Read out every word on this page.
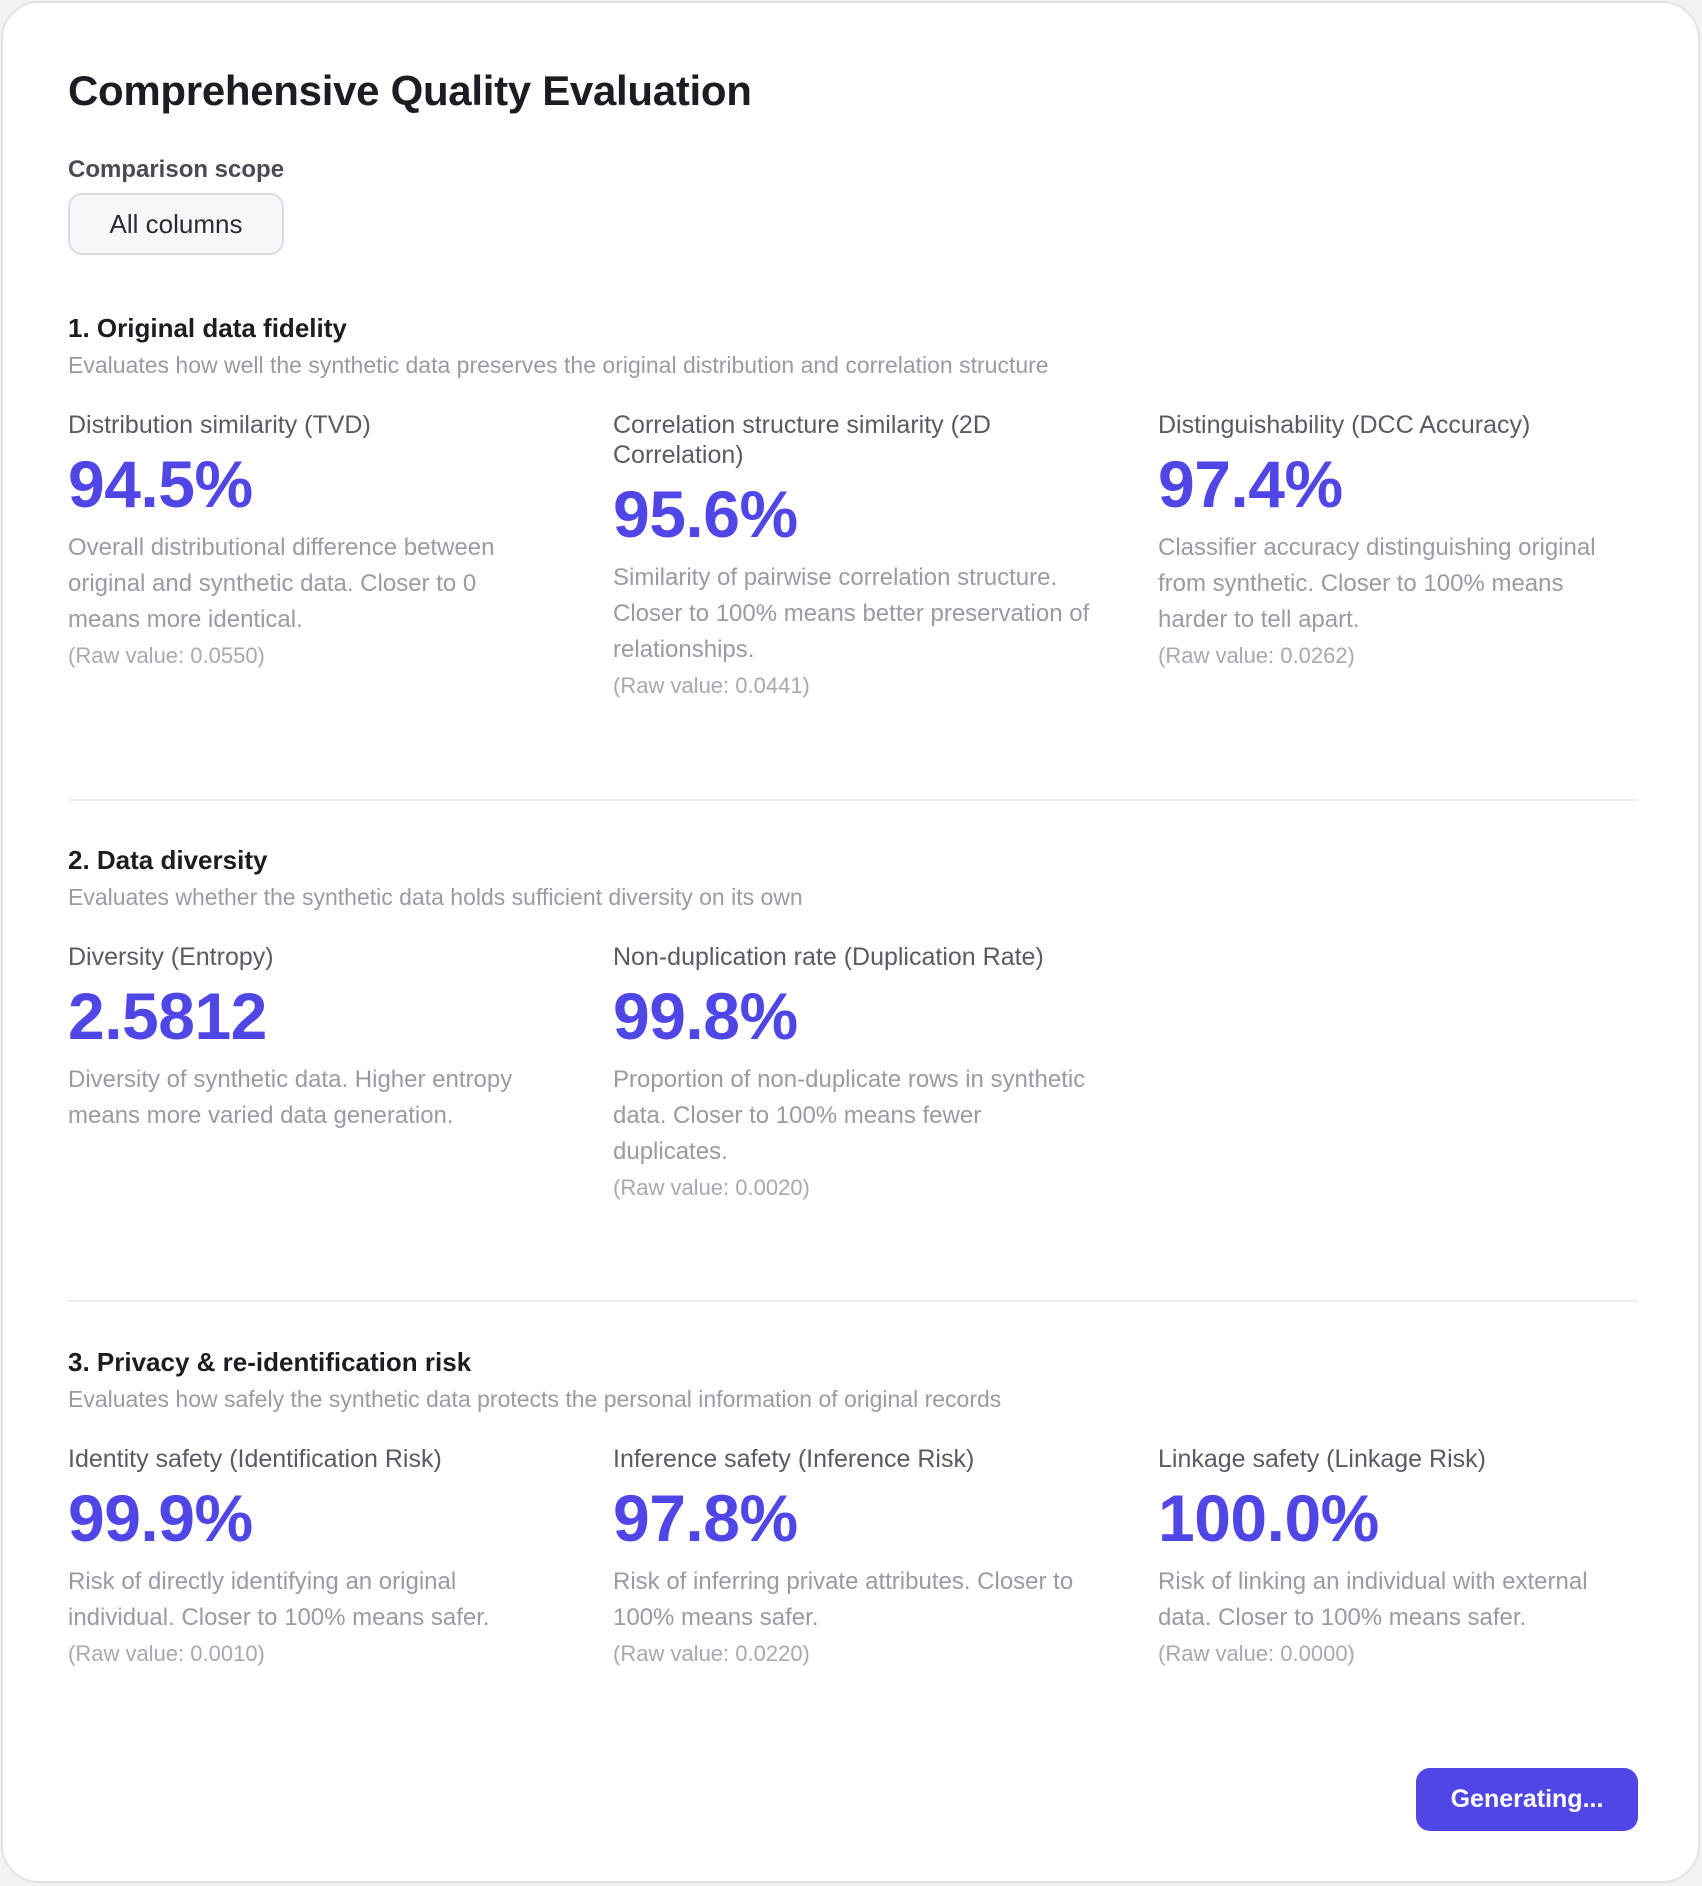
Comprehensive Quality Evaluation
Comparison scope
All columns
1. Original data fidelity
Evaluates how well the synthetic data preserves the original distribution and correlation structure
Distribution similarity (TVD)
94.5%
Overall distributional difference between original and synthetic data. Closer to 0 means more identical.
(Raw value: 0.0550)
Correlation structure similarity (2D Correlation)
95.6%
Similarity of pairwise correlation structure. Closer to 100% means better preservation of relationships.
(Raw value: 0.0441)
Distinguishability (DCC Accuracy)
97.4%
Classifier accuracy distinguishing original from synthetic. Closer to 100% means harder to tell apart.
(Raw value: 0.0262)
2. Data diversity
Evaluates whether the synthetic data holds sufficient diversity on its own
Diversity (Entropy)
2.5812
Diversity of synthetic data. Higher entropy means more varied data generation.
Non-duplication rate (Duplication Rate)
99.8%
Proportion of non-duplicate rows in synthetic data. Closer to 100% means fewer duplicates.
(Raw value: 0.0020)
3. Privacy & re-identification risk
Evaluates how safely the synthetic data protects the personal information of original records
Identity safety (Identification Risk)
99.9%
Risk of directly identifying an original individual. Closer to 100% means safer.
(Raw value: 0.0010)
Inference safety (Inference Risk)
97.8%
Risk of inferring private attributes. Closer to 100% means safer.
(Raw value: 0.0220)
Linkage safety (Linkage Risk)
100.0%
Risk of linking an individual with external data. Closer to 100% means safer.
(Raw value: 0.0000)
Generating...
